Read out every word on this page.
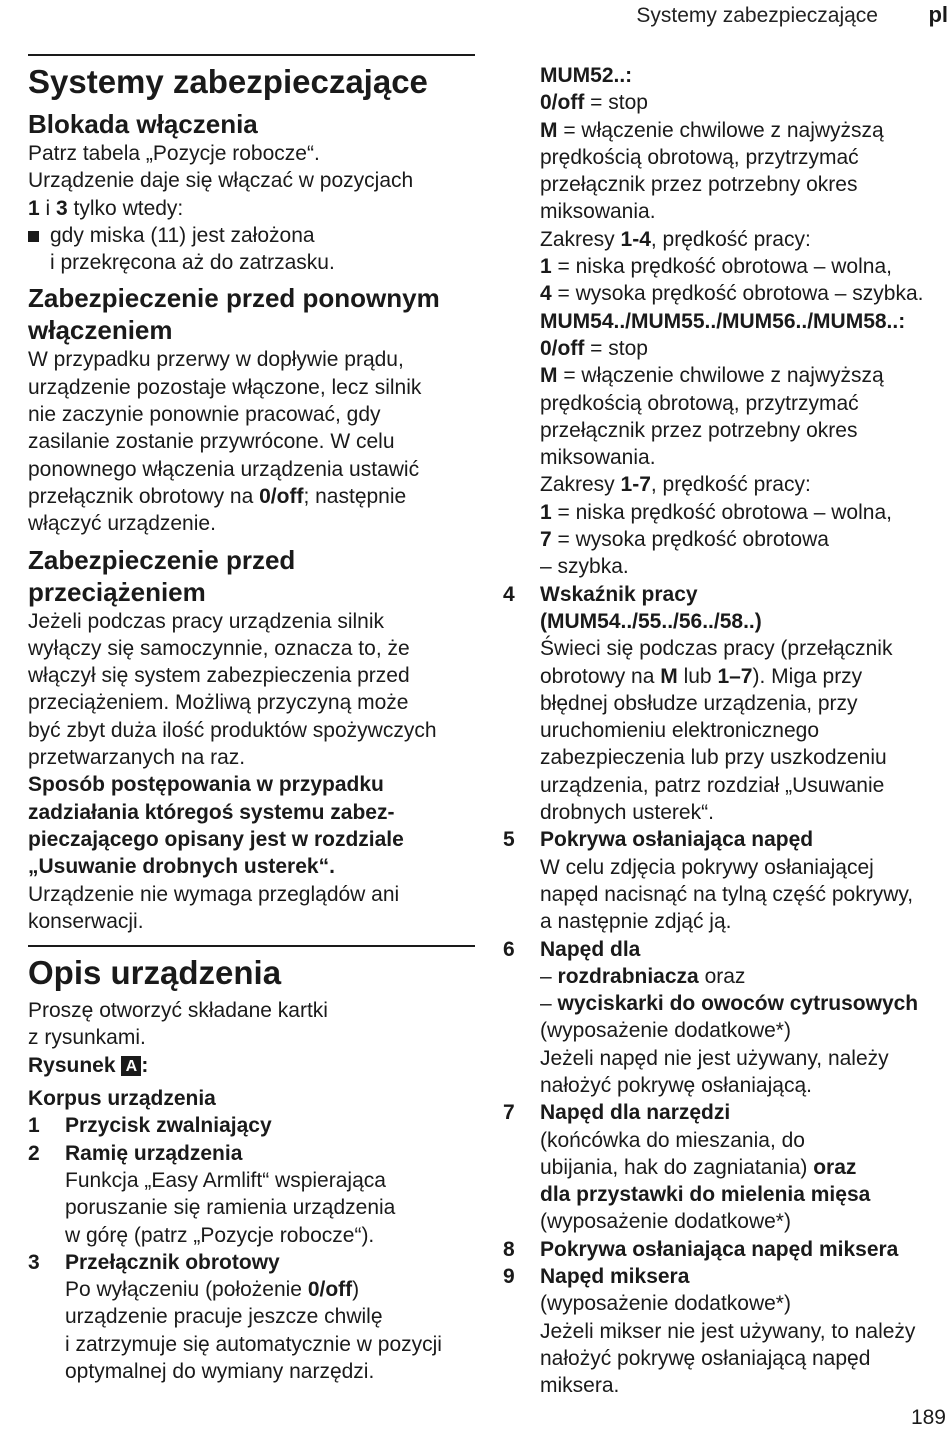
Systemy zabezpieczające pl
Systemy zabezpieczające
Blokada włączenia

Patrz tabela „Pozycje robocze“.

Urządzenie daje się włączać w pozycjach

1 i 3 tylko wtedy:

gdy miska (11) jest założona

i przekręcona aż do zatrzasku.

Zabezpieczenie przed ponownym
włączeniem

W przypadku przerwy w dopływie prądu,

urządzenie pozostaje włączone, lecz silnik

nie zaczynie ponownie pracować, gdy

zasilanie zostanie przywrócone. W celu

ponownego włączenia urządzenia ustawić

przełącznik obrotowy na 0/off; następnie

włączyć urządzenie.

Zabezpieczenie przed
przeciążeniem

Jeżeli podczas pracy urządzenia silnik

wyłączy się samoczynnie, oznacza to, że

włączył się system zabezpieczenia przed

przeciążeniem. Możliwą przyczyną może

być zbyt duża ilość produktów spożywczych

przetwarzanych na raz.

Sposób postępowania w przypadku

zadziałania któregoś systemu zabez-

pieczającego opisany jest w rozdziale

„Usuwanie drobnych usterek“.

Urządzenie nie wymaga przeglądów ani

konserwacji.

Opis urządzenia

Proszę otworzyć składane kartki

z rysunkami.

Rysunek A :

Korpus urządzenia

1 Przycisk zwalniający

2 Ramię urządzenia

Funkcja „Easy Armlift“ wspierająca

poruszanie się ramienia urządzenia

w górę (patrz „Pozycje robocze“).

3 Przełącznik obrotowy

Po wyłączeniu (położenie 0/off)

urządzenie pracuje jeszcze chwilę

i zatrzymuje się automatycznie w pozycji

optymalnej do wymiany narzędzi.

MUM52..:

0/off = stop

M = włączenie chwilowe z najwyższą

prędkością obrotową, przytrzymać

przełącznik przez potrzebny okres

miksowania.

Zakresy 1-4, prędkość pracy:

1 = niska prędkość obrotowa – wolna,

4 = wysoka prędkość obrotowa – szybka.

MUM54../MUM55../MUM56../MUM58..:

0/off = stop

M = włączenie chwilowe z najwyższą

prędkością obrotową, przytrzymać

przełącznik przez potrzebny okres

miksowania.

Zakresy 1-7, prędkość pracy:

1 = niska prędkość obrotowa – wolna,

7 = wysoka prędkość obrotowa

– szybka.

4 Wskaźnik pracy

(MUM54../55../56../58..)

Świeci się podczas pracy (przełącznik

obrotowy na M lub 1–7). Miga przy

błędnej obsłudze urządzenia, przy

uruchomieniu elektronicznego

zabezpieczenia lub przy uszkodzeniu

urządzenia, patrz rozdział „Usuwanie

drobnych usterek“.

5 Pokrywa osłaniająca napęd

W celu zdjęcia pokrywy osłaniającej

napęd nacisnąć na tylną część pokrywy,

a następnie zdjąć ją.

6 Napęd dla

– rozdrabniacza oraz

– wyciskarki do owoców cytrusowych

(wyposażenie dodatkowe*)

Jeżeli napęd nie jest używany, należy

nałożyć pokrywę osłaniającą.

7 Napęd dla narzędzi

(końcówka do mieszania, do

ubijania, hak do zagniatania) oraz

dla przystawki do mielenia mięsa

(wyposażenie dodatkowe*)

8 Pokrywa osłaniająca napęd miksera

9 Napęd miksera

(wyposażenie dodatkowe*)

Jeżeli mikser nie jest używany, to należy

nałożyć pokrywę osłaniającą napęd

miksera.

189
